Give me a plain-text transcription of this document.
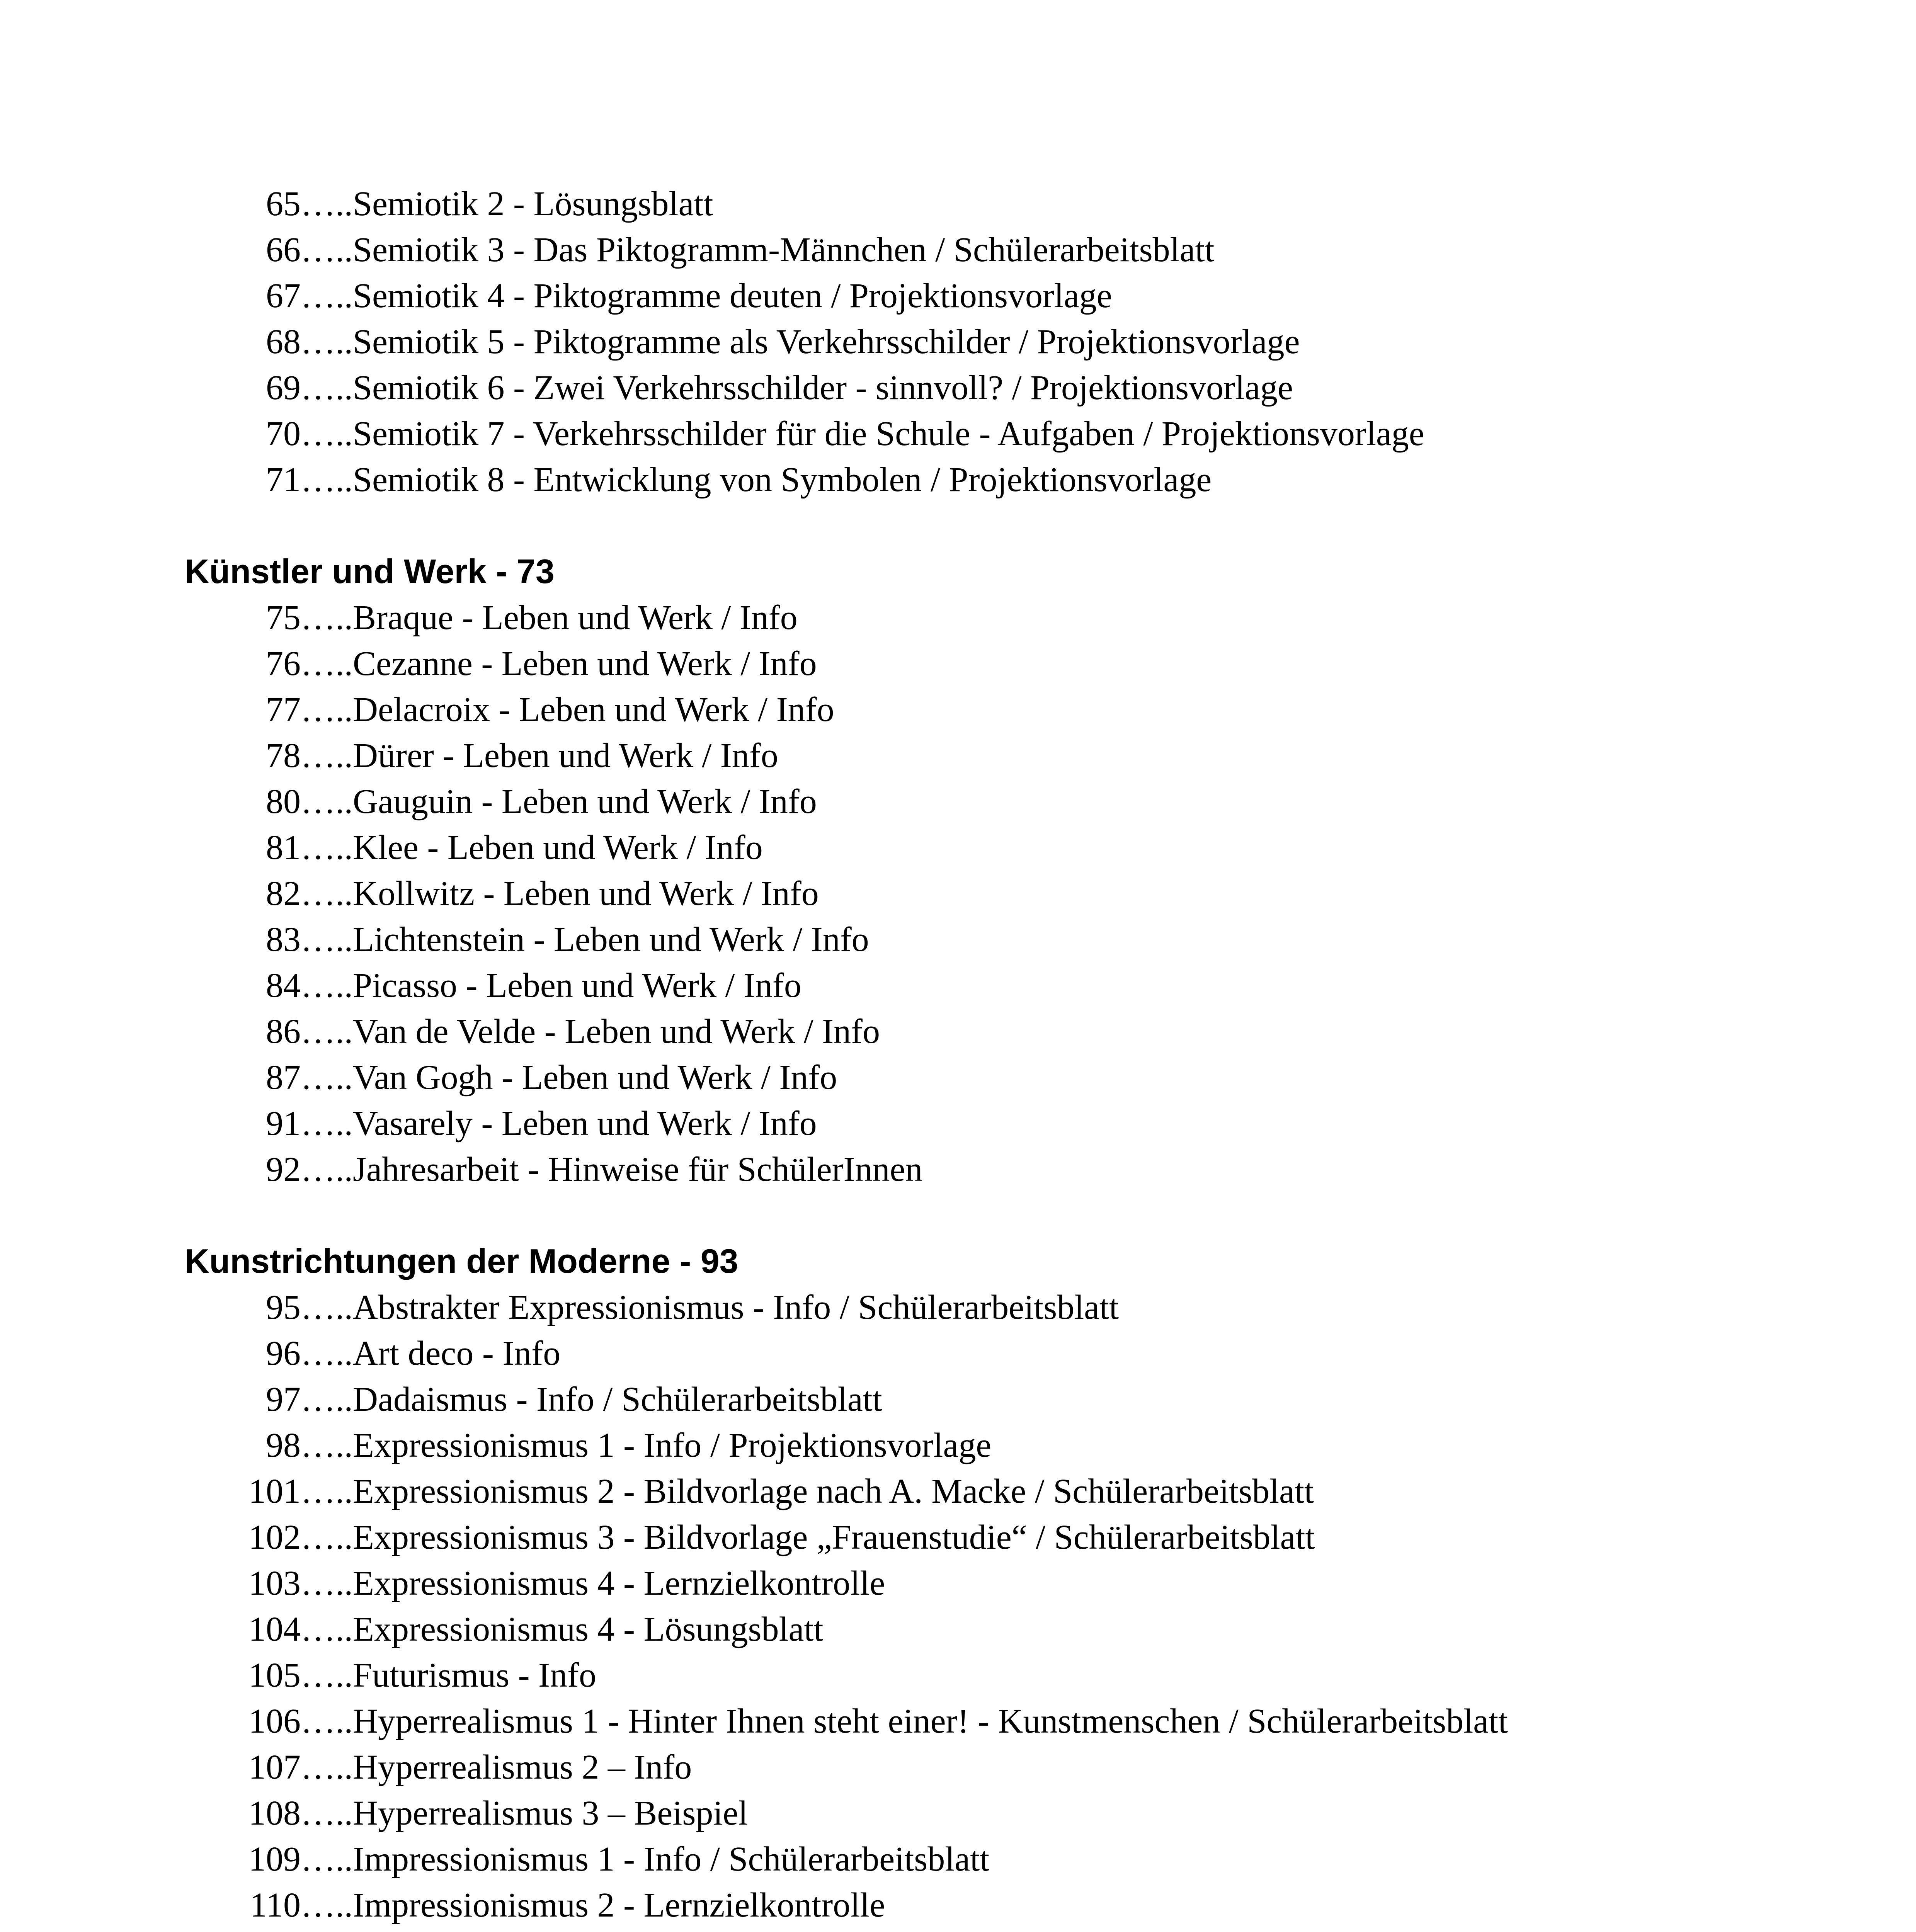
65 ….. Semiotik 2 - Lösungsblatt
66 ….. Semiotik 3 - Das Piktogramm-Männchen / Schülerarbeitsblatt
67 ….. Semiotik 4 - Piktogramme deuten / Projektionsvorlage
68 ….. Semiotik 5 - Piktogramme als Verkehrsschilder / Projektionsvorlage
69 ….. Semiotik 6 - Zwei Verkehrsschilder - sinnvoll? / Projektionsvorlage
70 ….. Semiotik 7 - Verkehrsschilder für die Schule - Aufgaben / Projektionsvorlage
71 ….. Semiotik 8 - Entwicklung von Symbolen / Projektionsvorlage
Künstler und Werk - 73
75 ….. Braque - Leben und Werk / Info
76 ….. Cezanne - Leben und Werk / Info
77 ….. Delacroix - Leben und Werk / Info
78 ….. Dürer - Leben und Werk / Info
80 ….. Gauguin - Leben und Werk / Info
81 ….. Klee - Leben und Werk / Info
82 ….. Kollwitz - Leben und Werk / Info
83 ….. Lichtenstein - Leben und Werk / Info
84 ….. Picasso - Leben und Werk / Info
86 ….. Van de Velde - Leben und Werk / Info
87 ….. Van Gogh - Leben und Werk / Info
91 ….. Vasarely - Leben und Werk / Info
92 ….. Jahresarbeit - Hinweise für SchülerInnen
Kunstrichtungen der Moderne - 93
95 ….. Abstrakter Expressionismus - Info / Schülerarbeitsblatt
96 ….. Art deco - Info
97 ….. Dadaismus - Info / Schülerarbeitsblatt
98 ….. Expressionismus 1 - Info / Projektionsvorlage
101 ….. Expressionismus 2 - Bildvorlage nach A. Macke / Schülerarbeitsblatt
102 ….. Expressionismus 3 - Bildvorlage „Frauenstudie“ / Schülerarbeitsblatt
103 ….. Expressionismus 4 - Lernzielkontrolle
104 ….. Expressionismus 4 - Lösungsblatt
105 ….. Futurismus - Info
106 ….. Hyperrealismus 1 - Hinter Ihnen steht einer! - Kunstmenschen / Schülerarbeitsblatt
107 ….. Hyperrealismus 2 – Info
108 ….. Hyperrealismus 3 – Beispiel
109 ….. Impressionismus 1 - Info / Schülerarbeitsblatt
110 ….. Impressionismus 2 - Lernzielkontrolle
